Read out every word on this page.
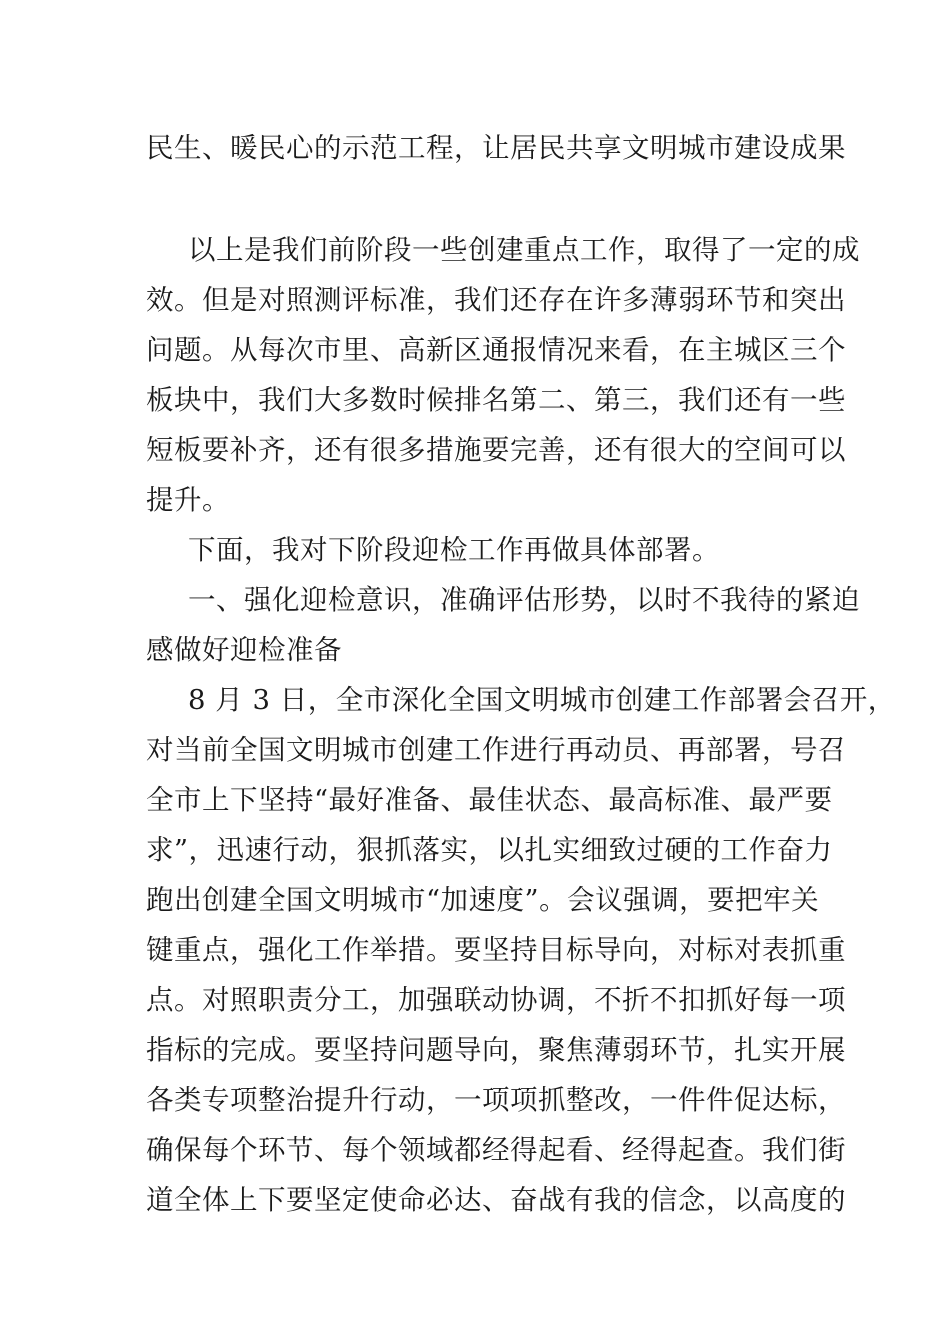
民生、暖民心的示范工程，让居民共享文明城市建设成果
以上是我们前阶段一些创建重点工作，取得了一定的成
效。但是对照测评标准，我们还存在许多薄弱环节和突出
问题。从每次市里、高新区通报情况来看，在主城区三个
板块中，我们大多数时候排名第二、第三，我们还有一些
短板要补齐，还有很多措施要完善，还有很大的空间可以
提升。
下面，我对下阶段迎检工作再做具体部署。
一、强化迎检意识，准确评估形势，以时不我待的紧迫
感做好迎检准备
8 月 3 日，全市深化全国文明城市创建工作部署会召开，
对当前全国文明城市创建工作进行再动员、再部署，号召
全市上下坚持“最好准备、最佳状态、最高标准、最严要
求”，迅速行动，狠抓落实，以扎实细致过硬的工作奋力
跑出创建全国文明城市“加速度”。会议强调，要把牢关
键重点，强化工作举措。要坚持目标导向，对标对表抓重
点。对照职责分工，加强联动协调，不折不扣抓好每一项
指标的完成。要坚持问题导向，聚焦薄弱环节，扎实开展
各类专项整治提升行动，一项项抓整改，一件件促达标，
确保每个环节、每个领域都经得起看、经得起查。我们街
道全体上下要坚定使命必达、奋战有我的信念，以高度的
